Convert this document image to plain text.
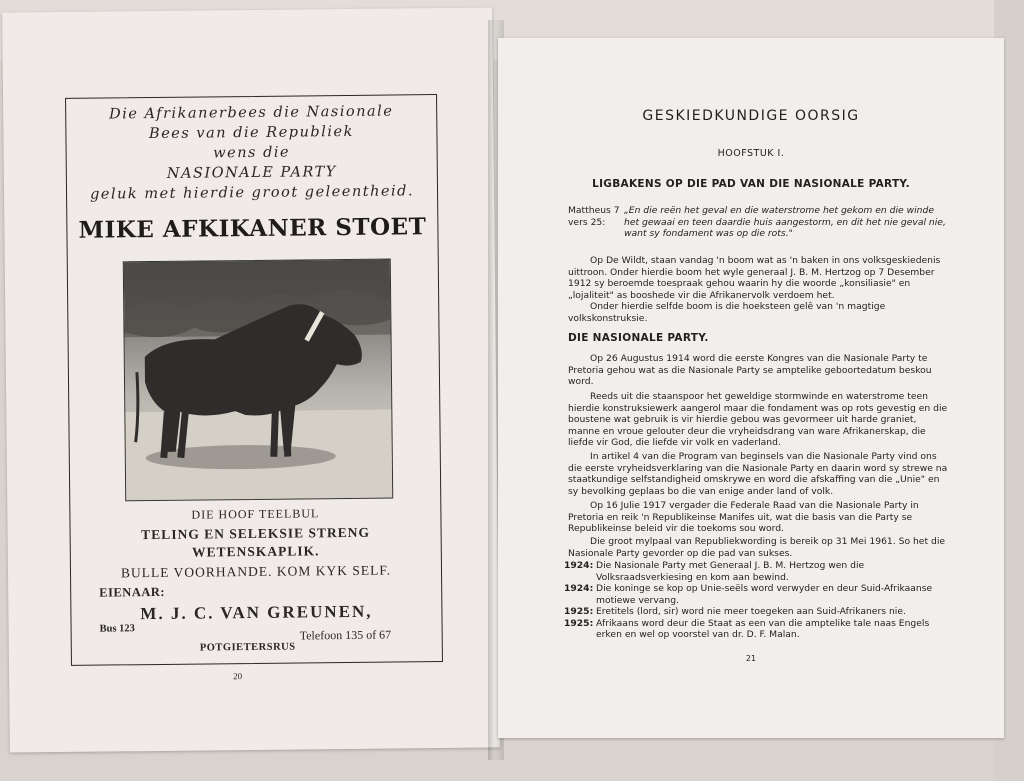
Die Afrikanerbees die Nasionale
Bees van die Republiek
wens die
NASIONALE PARTY
geluk met hierdie groot geleentheid.
MIKE AFKIKANER STOET
DIE HOOF TEELBUL
TELING EN SELEKSIE STRENG
WETENSKAPLIK.
BULLE VOORHANDE. KOM KYK SELF.
EIENAAR:
M. J. C. VAN GREUNEN,
Bus 123	Telefoon 135 of 67
POTGIETERSRUS
20
GESKIEDKUNDIGE OORSIG
HOOFSTUK I.
LIGBAKENS OP DIE PAD VAN DIE NASIONALE PARTY.
Mattheus 7 vers 25:„En die reën het geval en die waterstrome het gekom en die winde het gewaai en teen daardie huis aangestorm, en dit het nie geval nie, want sy fondament was op die rots."

Op De Wildt, staan vandag 'n boom wat as 'n baken in ons volksgeskiedenis uittroon. Onder hierdie boom het wyle generaal J. B. M. Hertzog op 7 Desember 1912 sy beroemde toespraak gehou waarin hy die woorde „konsiliasie" en „lojaliteit" as booshede vir die Afrikanervolk verdoem het.

Onder hierdie selfde boom is die hoeksteen gelê van 'n magtige volkskonstruksie.

DIE NASIONALE PARTY.

Op 26 Augustus 1914 word die eerste Kongres van die Nasionale Party te Pretoria gehou wat as die Nasionale Party se amptelike geboortedatum beskou word.

Reeds uit die staanspoor het geweldige stormwinde en waterstrome teen hierdie konstruksiewerk aangerol maar die fondament was op rots gevestig en die boustene wat gebruik is vir hierdie gebou was gevormeer uit harde graniet, manne en vroue gelouter deur die vryheidsdrang van ware Afrikanerskap, die liefde vir God, die liefde vir volk en vaderland.

In artikel 4 van die Program van beginsels van die Nasionale Party vind ons die eerste vryheidsverklaring van die Nasionale Party en daarin word sy strewe na staatkundige selfstandigheid omskrywe en word die afskaffing van die „Unie" en sy bevolking geplaas bo die van enige ander land of volk.

Op 16 Julie 1917 vergader die Federale Raad van die Nasionale Party in Pretoria en reik 'n Republikeinse Manifes uit, wat die basis van die Party se Republikeinse beleid vir die toekoms sou word.

Die groot mylpaal van Republiekwording is bereik op 31 Mei 1961. So het die Nasionale Party gevorder op die pad van sukses.

1924: Die Nasionale Party met Generaal J. B. M. Hertzog wen die Volksraadsverkiesing en kom aan bewind.
1924: Die koninge se kop op Unie-seëls word verwyder en deur Suid-Afrikaanse motiewe vervang.
1925: Eretitels (lord, sir) word nie meer toegeken aan Suid-Afrikaners nie.
1925: Afrikaans word deur die Staat as een van die amptelike tale naas Engels erken en wel op voorstel van dr. D. F. Malan.
21
